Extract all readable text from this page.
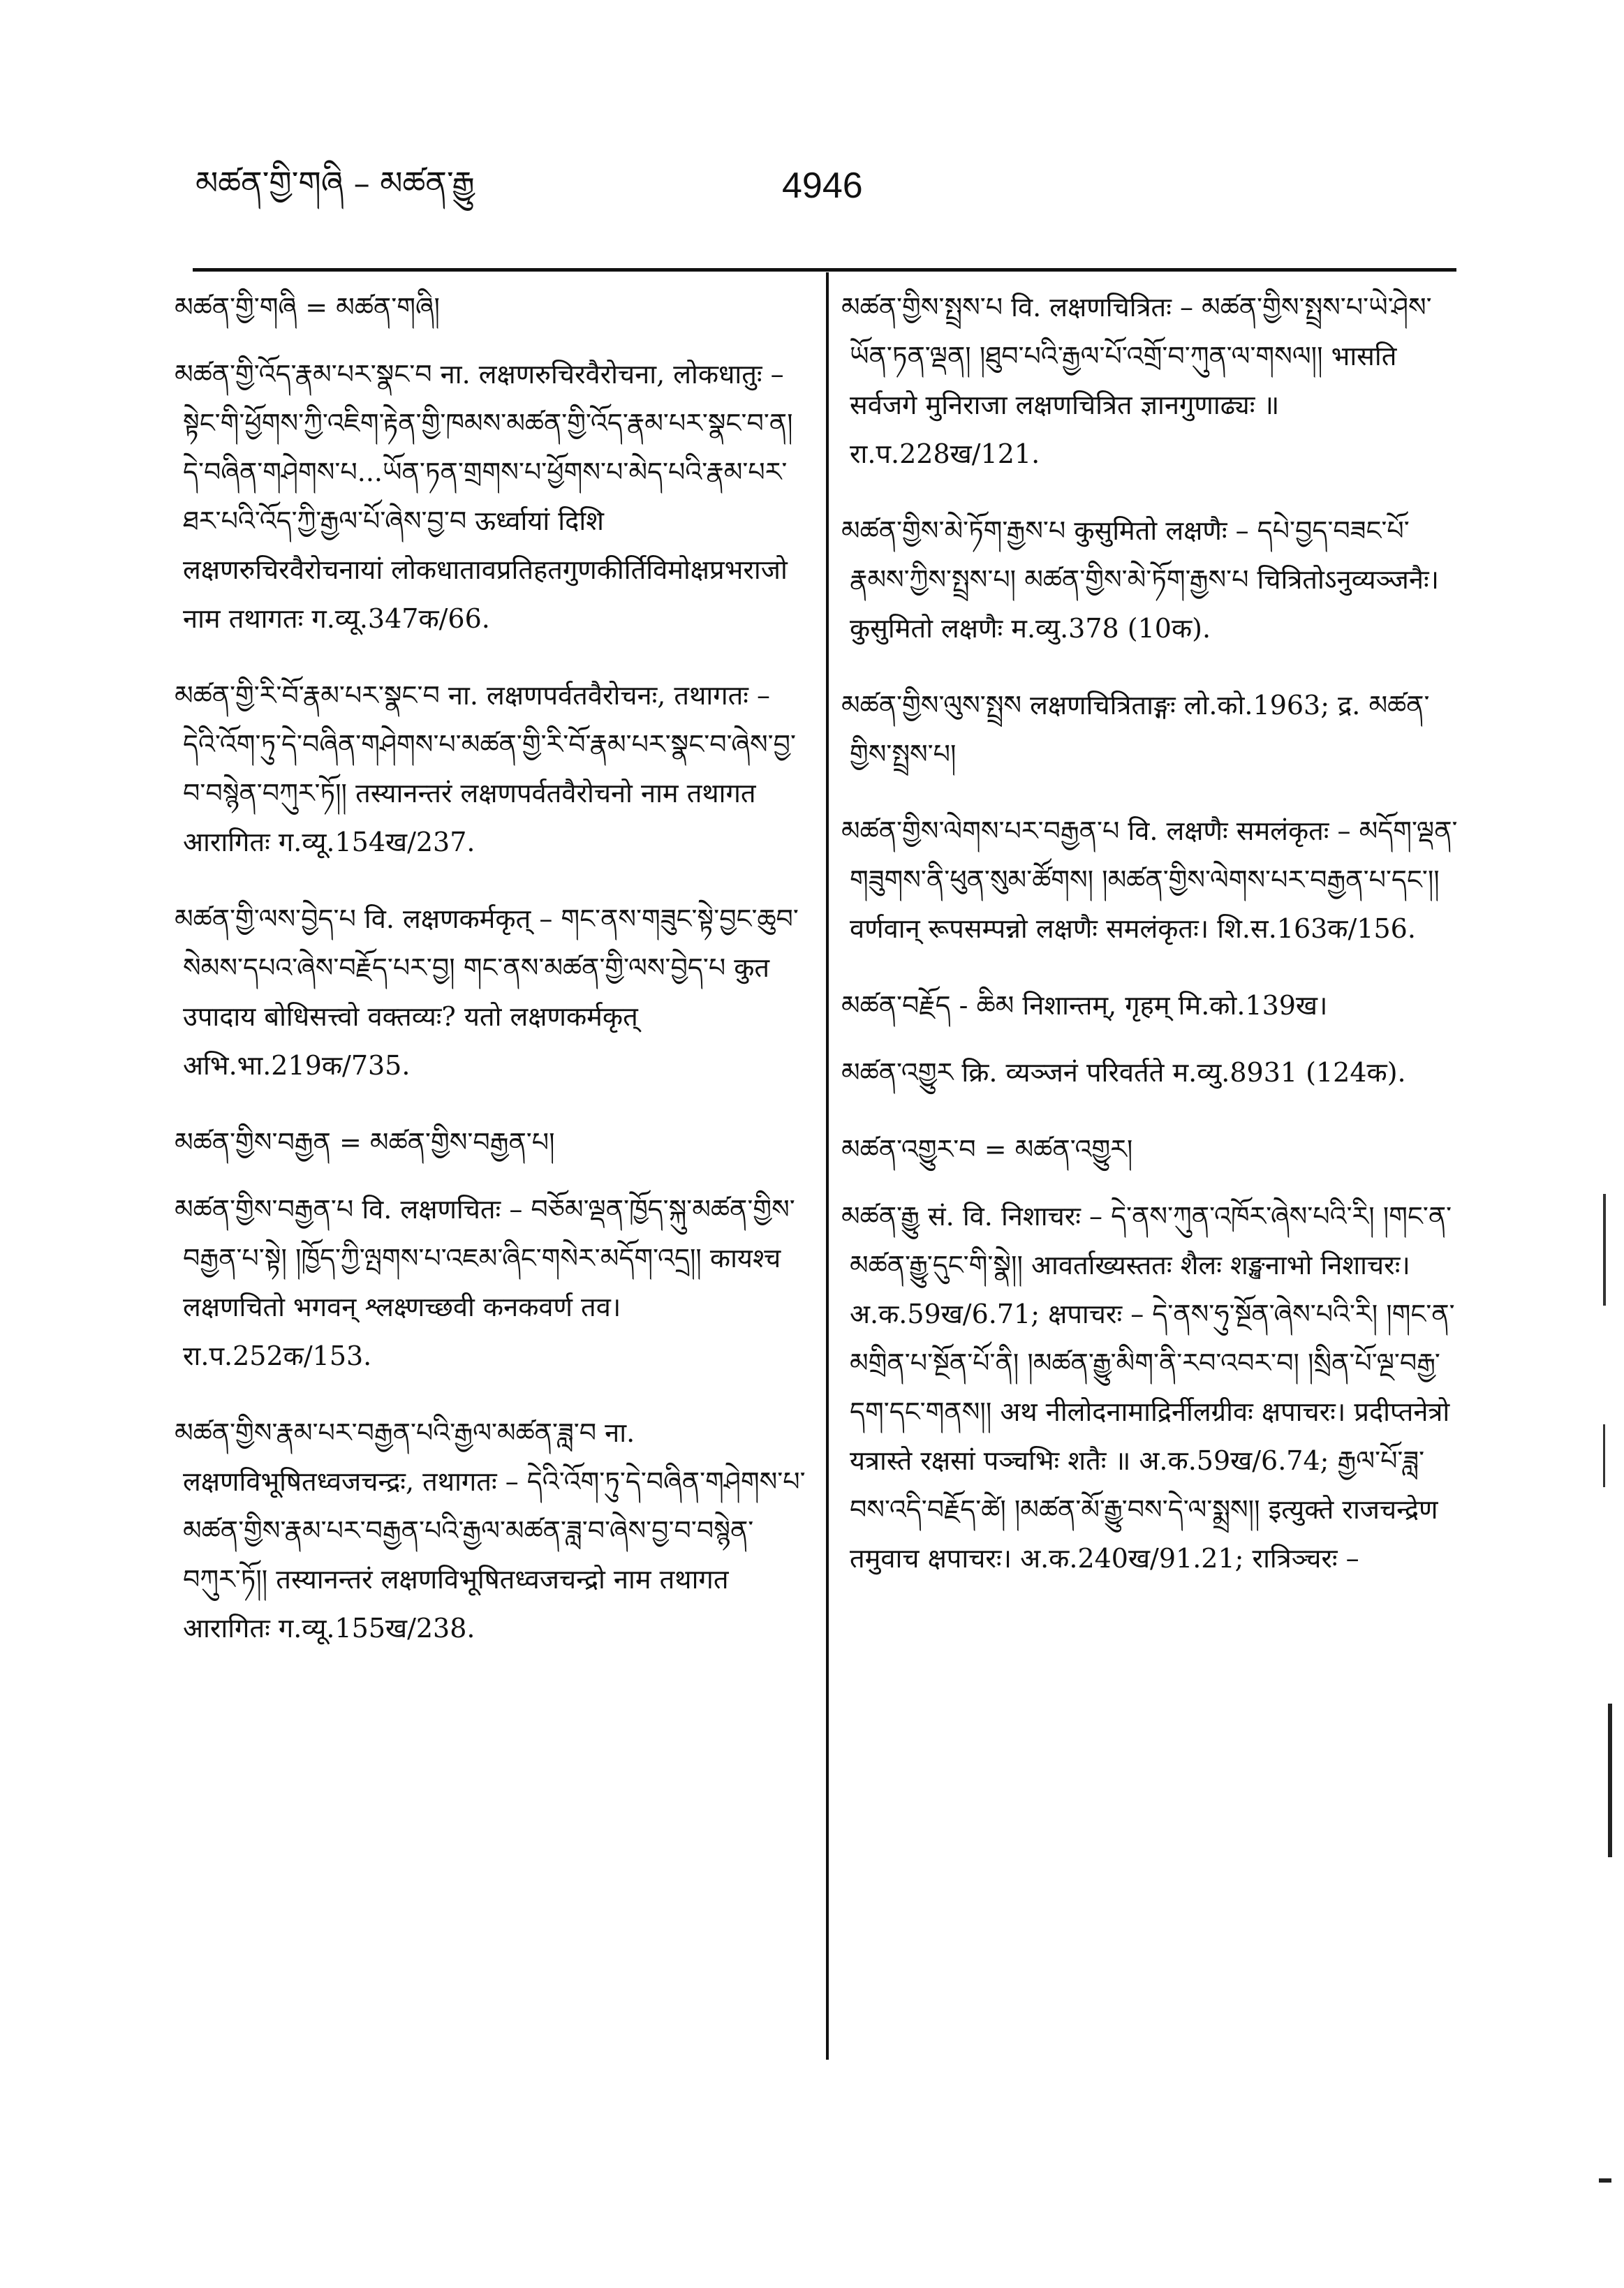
མཚན་གྱི་གཞི – མཚན་རྒྱུ	4946

མཚན་གྱི་གཞི = མཚན་གཞི།

མཚན་གྱི་འོད་རྣམ་པར་སྣང་བ ना. लक्षणरुचिरवैरोचना, लोकधातुः – སྟེང་གི་ཕྱོགས་ཀྱི་འཇིག་རྟེན་གྱི་ཁམས་མཚན་གྱི་འོད་རྣམ་པར་སྣང་བ་ན། དེ་བཞིན་གཤེགས་པ...ཡོན་ཏན་གྲགས་པ་ཕྱོགས་པ་མེད་པའི་རྣམ་པར་ཐར་པའི་འོད་ཀྱི་རྒྱལ་པོ་ཞེས་བྱ་བ ऊर्ध्वायां दिशि लक्षणरुचिरवैरोचनायां लोकधातावप्रतिहतगुणकीर्तिविमोक्षप्रभराजो नाम तथागतः ग.व्यू.347क/66.

མཚན་གྱི་རི་བོ་རྣམ་པར་སྣང་བ ना. लक्षणपर्वतवैरोचनः, तथागतः – དེའི་འོག་ཏུ་དེ་བཞིན་གཤེགས་པ་མཚན་གྱི་རི་བོ་རྣམ་པར་སྣང་བ་ཞེས་བྱ་བ་བསྙེན་བཀུར་ཏོ།། तस्यानन्तरं लक्षणपर्वतवैरोचनो नाम तथागत आरागितः ग.व्यू.154ख/237.

མཚན་གྱི་ལས་བྱེད་པ वि. लक्षणकर्मकृत् – གང་ནས་གཟུང་སྟེ་བྱང་ཆུབ་སེམས་དཔའ་ཞེས་བརྗོད་པར་བྱ། གང་ནས་མཚན་གྱི་ལས་བྱེད་པ कुत उपादाय बोधिसत्त्वो वक्तव्यः? यतो लक्षणकर्मकृत् अभि.भा.219क/735.

མཚན་གྱིས་བརྒྱན = མཚན་གྱིས་བརྒྱན་པ།

མཚན་གྱིས་བརྒྱན་པ वि. लक्षणचितः – བཅོམ་ལྡན་ཁྱོད་སྐུ་མཚན་གྱིས་བརྒྱན་པ་སྟེ། །ཁྱོད་ཀྱི་ལྤགས་པ་འཇམ་ཞིང་གསེར་མདོག་འདྲ།། कायश्च लक्षणचितो भगवन् श्लक्ष्णच्छवी कनकवर्ण तव। रा.प.252क/153.

མཚན་གྱིས་རྣམ་པར་བརྒྱན་པའི་རྒྱལ་མཚན་ཟླ་བ ना. लक्षणविभूषितध्वजचन्द्रः, तथागतः – དེའི་འོག་ཏུ་དེ་བཞིན་གཤེགས་པ་མཚན་གྱིས་རྣམ་པར་བརྒྱན་པའི་རྒྱལ་མཚན་ཟླ་བ་ཞེས་བྱ་བ་བསྙེན་བཀུར་ཏོ།། तस्यानन्तरं लक्षणविभूषितध्वजचन्द्रो नाम तथागत आरागितः ग.व्यू.155ख/238.

མཚན་གྱིས་སྤྲས་པ वि. लक्षणचित्रितः – མཚན་གྱིས་སྤྲས་པ་ཡེ་ཤེས་ཡོན་ཏན་ལྡན། །ཐུབ་པའི་རྒྱལ་པོ་འགྲོ་བ་ཀུན་ལ་གསལ།། भासति सर्वजगे मुनिराजा लक्षणचित्रित ज्ञानगुणाढ्यः ॥ रा.प.228ख/121.

མཚན་གྱིས་མེ་ཏོག་རྒྱས་པ कुसुमितो लक्षणैः – དཔེ་བྱད་བཟང་པོ་རྣམས་ཀྱིས་སྤྲས་པ། མཚན་གྱིས་མེ་ཏོག་རྒྱས་པ चित्रितोऽनुव्यञ्जनैः। कुसुमितो लक्षणैः म.व्यु.378 (10क).

མཚན་གྱིས་ལུས་སྤྲས लक्षणचित्रिताङ्गः लो.को.1963; द्र. མཚན་གྱིས་སྤྲས་པ།

མཚན་གྱིས་ལེགས་པར་བརྒྱན་པ वि. लक्षणैः समलंकृतः – མདོག་ལྡན་གཟུགས་ནི་ཕུན་སུམ་ཚོགས། །མཚན་གྱིས་ལེགས་པར་བརྒྱན་པ་དང་།། वर्णवान् रूपसम्पन्नो लक्षणैः समलंकृतः। शि.स.163क/156.

མཚན་བརྗོད - ཆིམ निशान्तम्, गृहम् मि.को.139ख।

མཚན་འགྱུར क्रि. व्यञ्जनं परिवर्तते म.व्यु.8931 (124क).

མཚན་འགྱུར་བ = མཚན་འགྱུར།

མཚན་རྒྱུ सं. वि. निशाचरः – དེ་ནས་ཀུན་འཁོར་ཞེས་པའི་རི། །གང་ན་མཚན་རྒྱུ་དུང་གི་སྣེ།། आवर्ताख्यस्ततः शैलः शङ्खनाभो निशाचरः। अ.क.59ख/6.71; क्षपाचरः – དེ་ནས་ཧུ་སྔོན་ཞེས་པའི་རི། །གང་ན་མགྲིན་པ་སྔོན་པོ་ནི། །མཚན་རྒྱུ་མིག་ནི་རབ་འབར་བ། །སྲིན་པོ་ལྔ་བརྒྱ་དག་དང་གནས།། अथ नीलोदनामाद्रिर्नीलग्रीवः क्षपाचरः। प्रदीप्तनेत्रो यत्रास्ते रक्षसां पञ्चभिः शतैः ॥ अ.क.59ख/6.74; རྒྱལ་པོ་ཟླ་བས་འདི་བརྗོད་ཚེ། །མཚན་མོ་རྒྱུ་བས་དེ་ལ་སྨྲས།། इत्युक्ते राजचन्द्रेण तमुवाच क्षपाचरः। अ.क.240ख/91.21; रात्रिञ्चरः –
